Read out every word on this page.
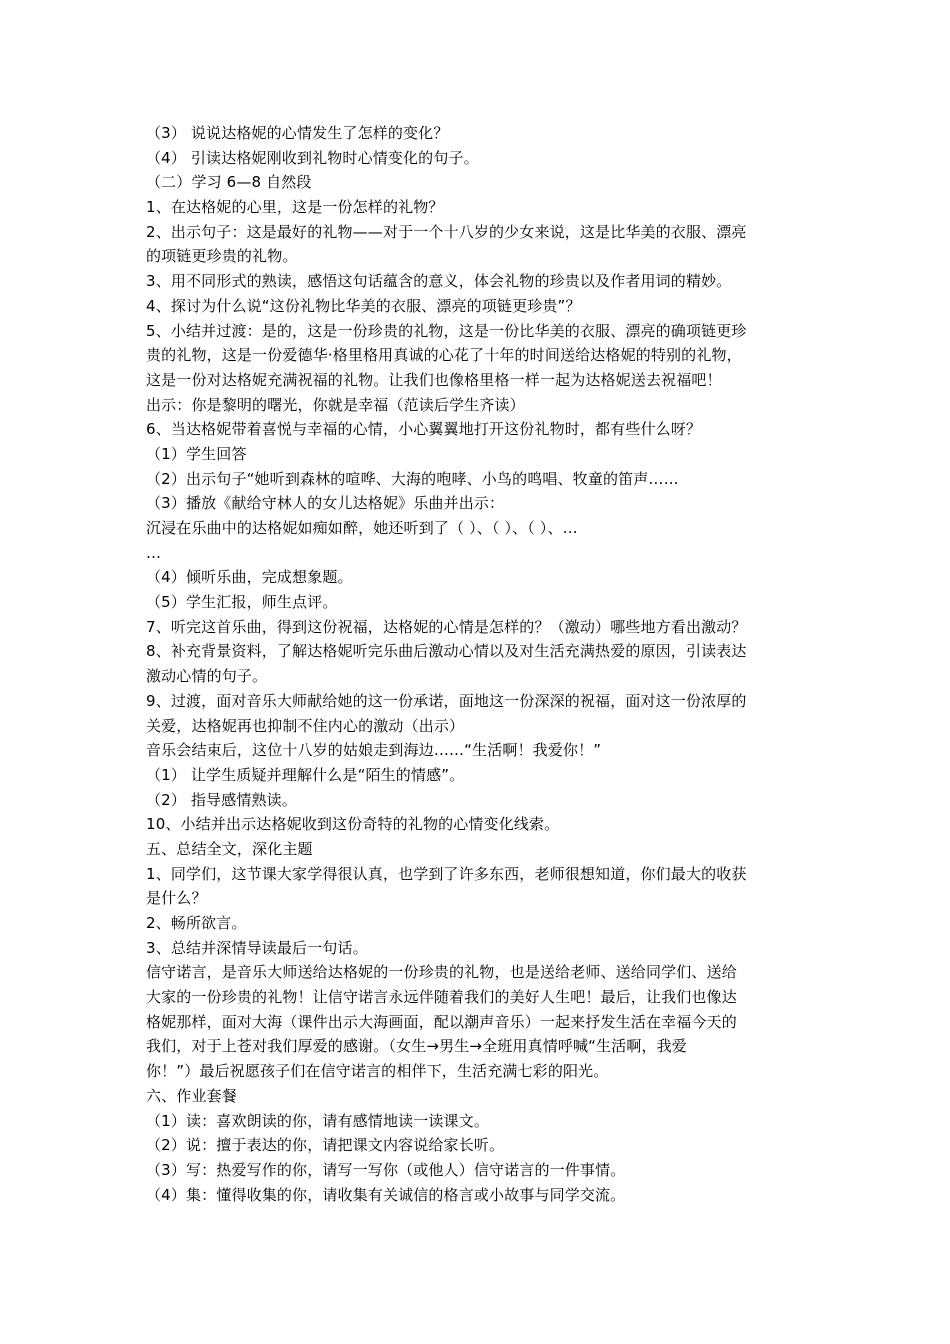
（3） 说说达格妮的心情发生了怎样的变化？
（4） 引读达格妮刚收到礼物时心情变化的句子。
（二）学习 6—8 自然段
1、在达格妮的心里，这是一份怎样的礼物？
2、出示句子：这是最好的礼物——对于一个十八岁的少女来说，这是比华美的衣服、漂亮
的项链更珍贵的礼物。
3、用不同形式的熟读，感悟这句话蕴含的意义，体会礼物的珍贵以及作者用词的精妙。
4、探讨为什么说“这份礼物比华美的衣服、漂亮的项链更珍贵”？
5、小结并过渡：是的，这是一份珍贵的礼物，这是一份比华美的衣服、漂亮的确项链更珍
贵的礼物，这是一份爱德华·格里格用真诚的心花了十年的时间送给达格妮的特别的礼物，
这是一份对达格妮充满祝福的礼物。让我们也像格里格一样一起为达格妮送去祝福吧！
出示：你是黎明的曙光，你就是幸福（范读后学生齐读）
6、当达格妮带着喜悦与幸福的心情，小心翼翼地打开这份礼物时，都有些什么呀？
（1）学生回答
（2）出示句子“她听到森林的喧哗、大海的咆哮、小鸟的鸣唱、牧童的笛声……
（3）播放《献给守林人的女儿达格妮》乐曲并出示：
沉浸在乐曲中的达格妮如痴如醉，她还听到了（ ）、（ ）、（ ）、…
…
（4）倾听乐曲，完成想象题。
（5）学生汇报，师生点评。
7、听完这首乐曲，得到这份祝福，达格妮的心情是怎样的？（激动）哪些地方看出激动？
8、补充背景资料，了解达格妮听完乐曲后激动心情以及对生活充满热爱的原因，引读表达
激动心情的句子。
9、过渡，面对音乐大师献给她的这一份承诺，面地这一份深深的祝福，面对这一份浓厚的
关爱，达格妮再也抑制不住内心的激动（出示）
音乐会结束后，这位十八岁的姑娘走到海边……“生活啊！我爱你！”
（1） 让学生质疑并理解什么是“陌生的情感”。
（2） 指导感情熟读。
10、小结并出示达格妮收到这份奇特的礼物的心情变化线索。
五、总结全文，深化主题
1、同学们，这节课大家学得很认真，也学到了许多东西，老师很想知道，你们最大的收获
是什么？
2、畅所欲言。
3、总结并深情导读最后一句话。
信守诺言，是音乐大师送给达格妮的一份珍贵的礼物，也是送给老师、送给同学们、送给
大家的一份珍贵的礼物！让信守诺言永远伴随着我们的美好人生吧！最后，让我们也像达
格妮那样，面对大海（课件出示大海画面，配以潮声音乐）一起来抒发生活在幸福今天的
我们，对于上苍对我们厚爱的感谢。（女生→男生→全班用真情呼喊“生活啊，我爱
你！”）最后祝愿孩子们在信守诺言的相伴下，生活充满七彩的阳光。
六、作业套餐
（1）读：喜欢朗读的你，请有感情地读一读课文。
（2）说：擅于表达的你，请把课文内容说给家长听。
（3）写：热爱写作的你，请写一写你（或他人）信守诺言的一件事情。
（4）集：懂得收集的你，请收集有关诚信的格言或小故事与同学交流。
